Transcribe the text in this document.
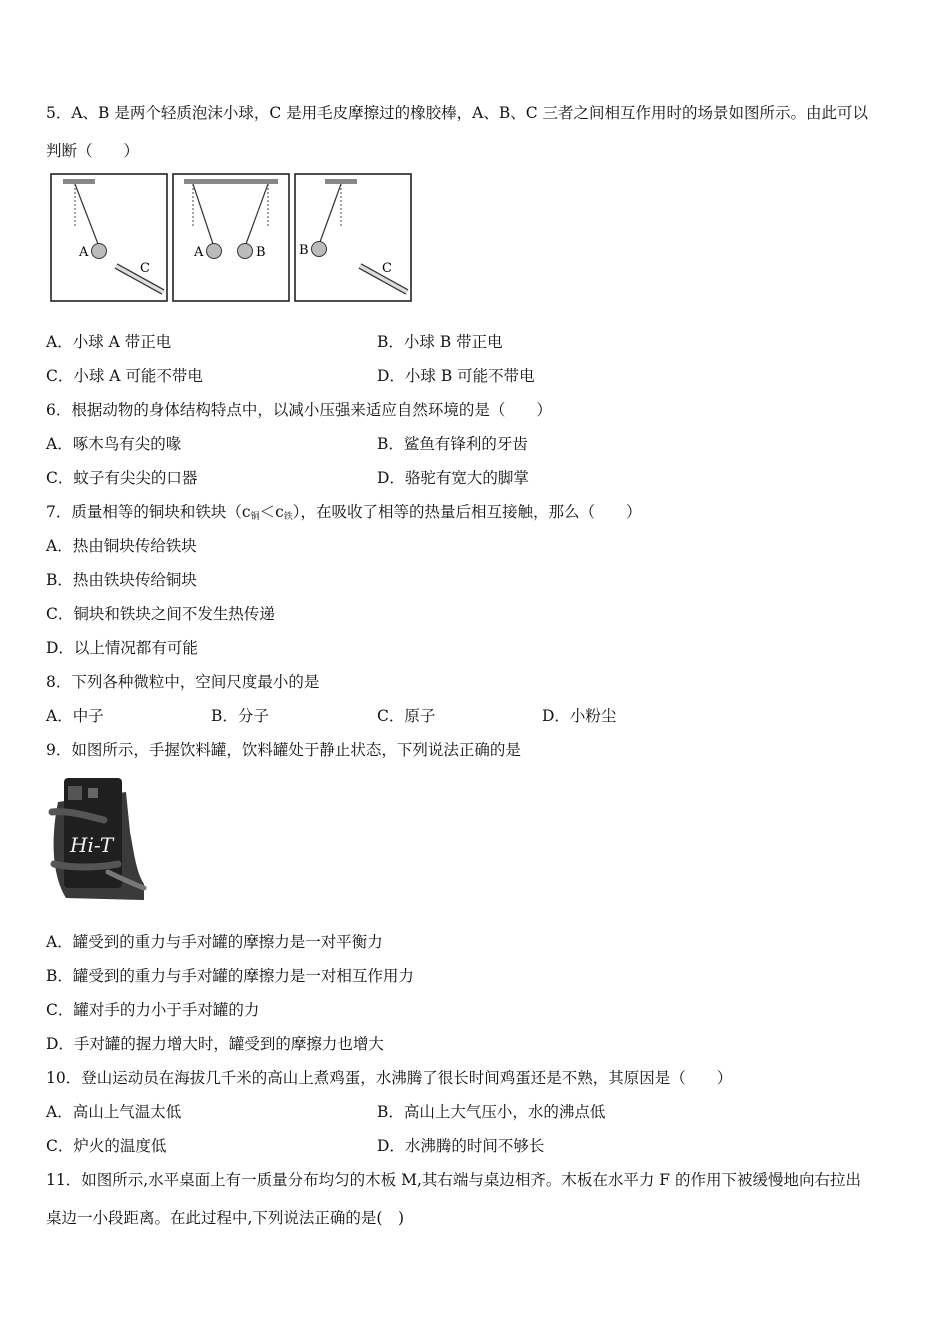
5．A、B 是两个轻质泡沫小球，C 是用毛皮摩擦过的橡胶棒，A、B、C 三者之间相互作用时的场景如图所示。由此可以
判断（　　）
A
C
A	B	B
C
A．小球 A 带正电	B．小球 B 带正电
C．小球 A 可能不带电	D．小球 B 可能不带电
6．根据动物的身体结构特点中，以减小压强来适应自然环境的是（　　）
A．啄木鸟有尖的喙	B．鲨鱼有锋利的牙齿
C．蚊子有尖尖的口器	D．骆驼有宽大的脚掌
7．质量相等的铜块和铁块$(c_铜<c_铁)$，在吸收了相等的热量后相互接触，那么（　　）
A．热由铜块传给铁块
B．热由铁块传给铜块
C．铜块和铁块之间不发生热传递
D．以上情况都有可能
8．下列各种微粒中，空间尺度最小的是
A．中子	B．分子	C．原子	D．小粉尘
9．如图所示，手握饮料罐，饮料罐处于静止状态，下列说法正确的是
Hi-T
A．罐受到的重力与手对罐的摩擦力是一对平衡力
B．罐受到的重力与手对罐的摩擦力是一对相互作用力
C．罐对手的力小于手对罐的力
D．手对罐的握力增大时，罐受到的摩擦力也增大
10．登山运动员在海拔几千米的高山上煮鸡蛋，水沸腾了很长时间鸡蛋还是不熟，其原因是（　　）
A．高山上气温太低	B．高山上大气压小，水的沸点低
C．炉火的温度低	D．水沸腾的时间不够长
11．如图所示,水平桌面上有一质量分布均匀的木板 M,其右端与桌边相齐。木板在水平力 F 的作用下被缓慢地向右拉出
桌边一小段距离。在此过程中,下列说法正确的是(　)
